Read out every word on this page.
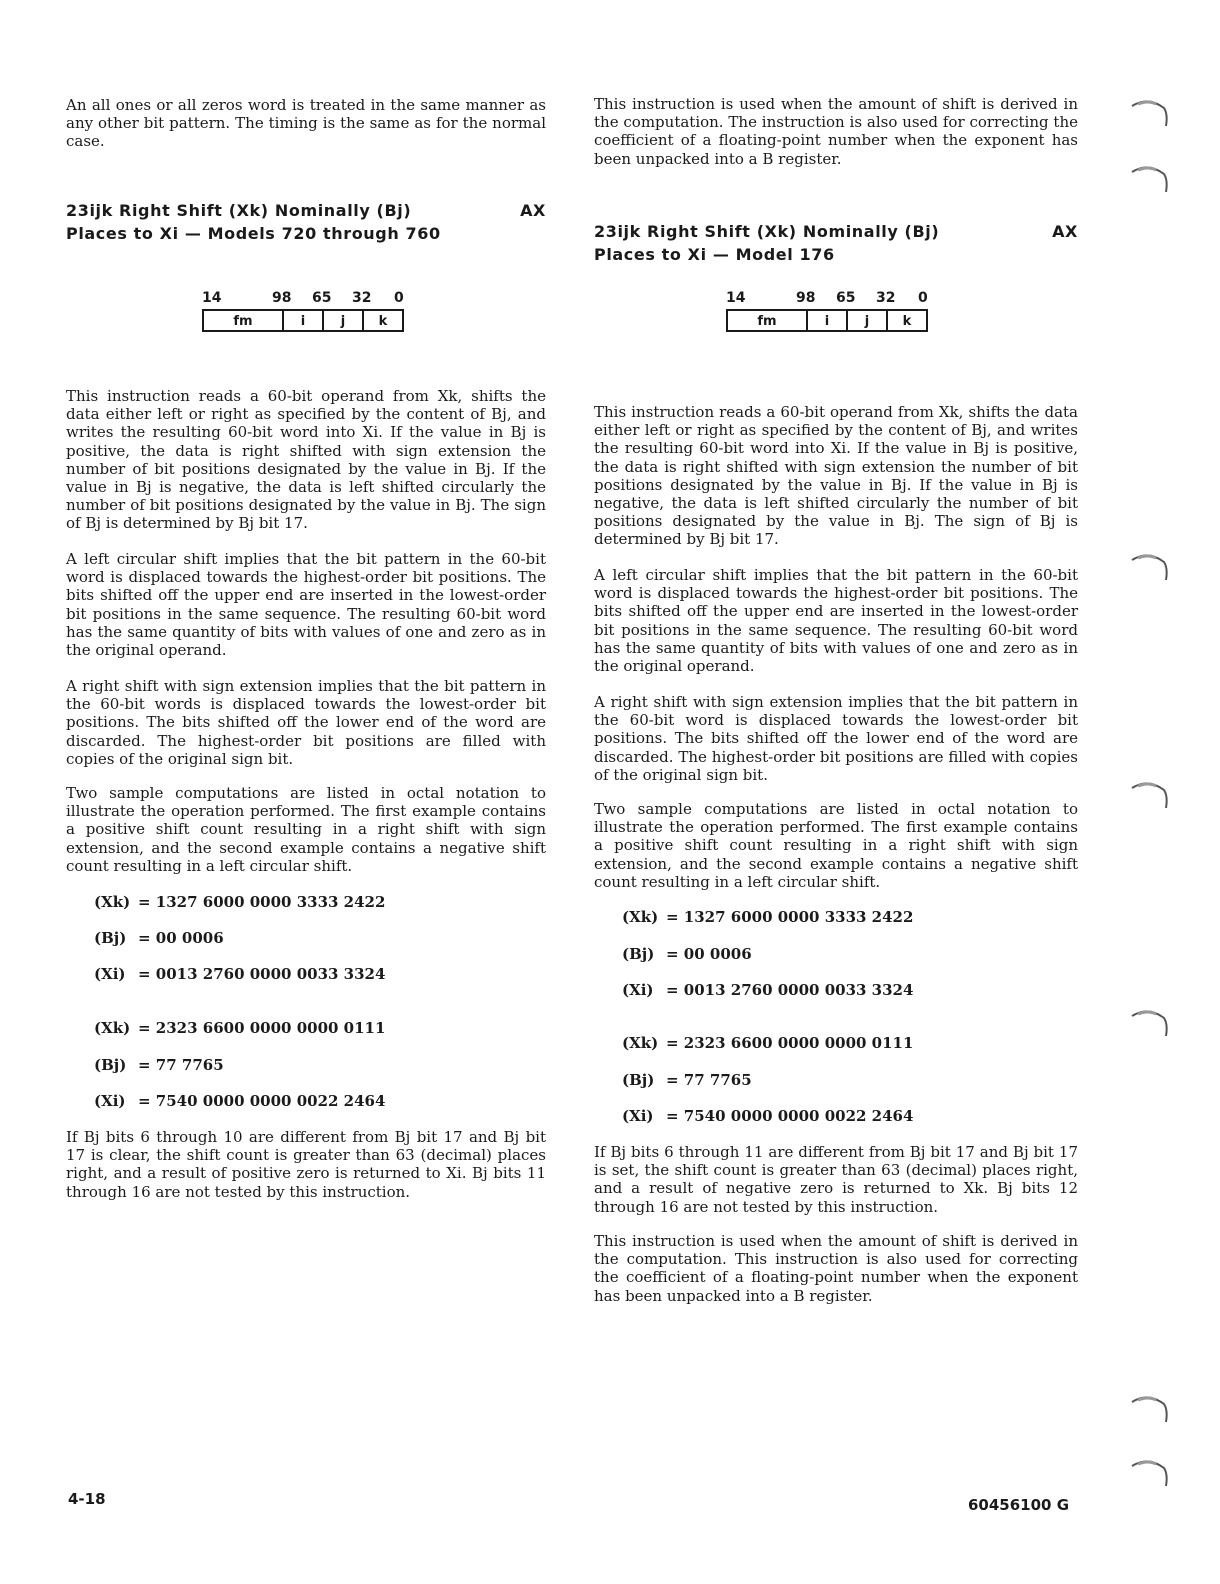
An all ones or all zeros word is treated in the same manner as any other bit pattern. The timing is the same as for the normal case.

23ijk Right Shift (Xk) Nominally (Bj)
Places to Xi — Models 720 through 760
AX
14	98 65 32 0
fm	i	j	k

This instruction reads a 60-bit operand from Xk, shifts the data either left or right as specified by the content of Bj, and writes the resulting 60-bit word into Xi. If the value in Bj is positive, the data is right shifted with sign extension the number of bit positions designated by the value in Bj. If the value in Bj is negative, the data is left shifted circularly the number of bit positions designated by the value in Bj. The sign of Bj is determined by Bj bit 17.

A left circular shift implies that the bit pattern in the 60-bit word is displaced towards the highest-order bit positions. The bits shifted off the upper end are inserted in the lowest-order bit positions in the same sequence. The resulting 60-bit word has the same quantity of bits with values of one and zero as in the original operand.

A right shift with sign extension implies that the bit pattern in the 60-bit words is displaced towards the lowest-order bit positions. The bits shifted off the lower end of the word are discarded. The highest-order bit positions are filled with copies of the original sign bit.

Two sample computations are listed in octal notation to illustrate the operation performed. The first example contains a positive shift count resulting in a right shift with sign extension, and the second example contains a negative shift count resulting in a left circular shift.

(Xk) = 1327 6000 0000 3333 2422
(Bj) = 00 0006
(Xi) = 0013 2760 0000 0033 3324
(Xk) = 2323 6600 0000 0000 0111
(Bj) = 77 7765
(Xi) = 7540 0000 0000 0022 2464

If Bj bits 6 through 10 are different from Bj bit 17 and Bj bit 17 is clear, the shift count is greater than 63 (decimal) places right, and a result of positive zero is returned to Xi. Bj bits 11 through 16 are not tested by this instruction.

This instruction is used when the amount of shift is derived in the computation. The instruction is also used for correcting the coefficient of a floating-point number when the exponent has been unpacked into a B register.

23ijk Right Shift (Xk) Nominally (Bj)
Places to Xi — Model 176
AX
14	98 65 32 0
fm	i	j	k

This instruction reads a 60-bit operand from Xk, shifts the data either left or right as specified by the content of Bj, and writes the resulting 60-bit word into Xi. If the value in Bj is positive, the data is right shifted with sign extension the number of bit positions designated by the value in Bj. If the value in Bj is negative, the data is left shifted circularly the number of bit positions designated by the value in Bj. The sign of Bj is determined by Bj bit 17.

A left circular shift implies that the bit pattern in the 60-bit word is displaced towards the highest-order bit positions. The bits shifted off the upper end are inserted in the lowest-order bit positions in the same sequence. The resulting 60-bit word has the same quantity of bits with values of one and zero as in the original operand.

A right shift with sign extension implies that the bit pattern in the 60-bit word is displaced towards the lowest-order bit positions. The bits shifted off the lower end of the word are discarded. The highest-order bit positions are filled with copies of the original sign bit.

Two sample computations are listed in octal notation to illustrate the operation performed. The first example contains a positive shift count resulting in a right shift with sign extension, and the second example contains a negative shift count resulting in a left circular shift.

(Xk) = 1327 6000 0000 3333 2422
(Bj) = 00 0006
(Xi) = 0013 2760 0000 0033 3324
(Xk) = 2323 6600 0000 0000 0111
(Bj) = 77 7765
(Xi) = 7540 0000 0000 0022 2464

If Bj bits 6 through 11 are different from Bj bit 17 and Bj bit 17 is set, the shift count is greater than 63 (decimal) places right, and a result of negative zero is returned to Xk. Bj bits 12 through 16 are not tested by this instruction.

This instruction is used when the amount of shift is derived in the computation. This instruction is also used for correcting the coefficient of a floating-point number when the exponent has been unpacked into a B register.

4-18	60456100 G
